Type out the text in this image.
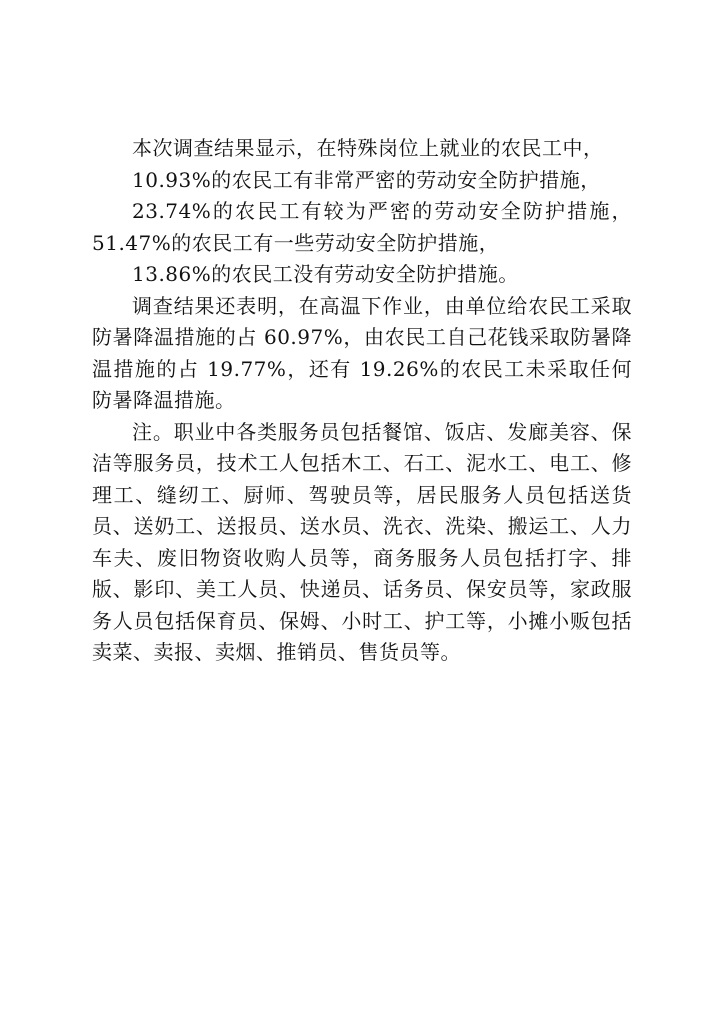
本次调查结果显示，在特殊岗位上就业的农民工中，

10.93%的农民工有非常严密的劳动安全防护措施，

23.74%的农民工有较为严密的劳动安全防护措施，51.47%的农民工有一些劳动安全防护措施，

13.86%的农民工没有劳动安全防护措施。

调查结果还表明，在高温下作业，由单位给农民工采取防暑降温措施的占 60.97%，由农民工自己花钱采取防暑降温措施的占 19.77%，还有 19.26%的农民工未采取任何防暑降温措施。

注。职业中各类服务员包括餐馆、饭店、发廊美容、保洁等服务员，技术工人包括木工、石工、泥水工、电工、修理工、缝纫工、厨师、驾驶员等，居民服务人员包括送货员、送奶工、送报员、送水员、洗衣、洗染、搬运工、人力车夫、废旧物资收购人员等，商务服务人员包括打字、排版、影印、美工人员、快递员、话务员、保安员等，家政服务人员包括保育员、保姆、小时工、护工等，小摊小贩包括卖菜、卖报、卖烟、推销员、售货员等。
